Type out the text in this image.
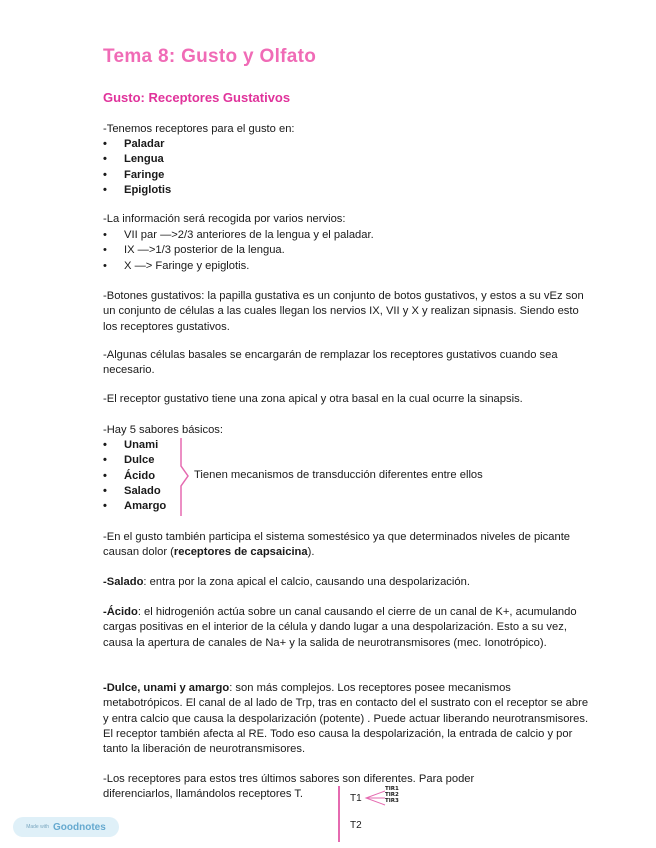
Tema 8: Gusto y Olfato
Gusto: Receptores Gustativos

-Tenemos receptores para el gusto en:

• Paladar
• Lengua
• Faringe
• Epiglotis

-La información será recogida por varios nervios:

• VII par —>2/3 anteriores de la lengua y el paladar.
• IX —>1/3 posterior de la lengua.
• X —> Faringe y epiglotis.

-Botones gustativos: la papilla gustativa es un conjunto de botos gustativos, y estos a su vEz son un conjunto de células a las cuales llegan los nervios IX, VII y X y realizan sipnasis. Siendo esto los receptores gustativos.

-Algunas células basales se encargarán de remplazar los receptores gustativos cuando sea necesario.

-El receptor gustativo tiene una zona apical y otra basal en la cual ocurre la sinapsis.

-Hay 5 sabores básicos:

• Unami
• Dulce
• Ácido
• Salado
• Amargo
Tienen mecanismos de transducción diferentes entre ellos

-En el gusto también participa el sistema somestésico ya que determinados niveles de picante causan dolor (receptores de capsaicina).

-Salado: entra por la zona apical el calcio, causando una despolarización.

-Ácido: el hidrogenión actúa sobre un canal causando el cierre de un canal de K+, acumulando cargas positivas en el interior de la célula y dando lugar a una despolarización. Esto a su vez, causa la apertura de canales de Na+ y la salida de neurotransmisores (mec. Ionotrópico).

-Dulce, unami y amargo: son más complejos. Los receptores posee mecanismos metabotrópicos. El canal de al lado de Trp, tras en contacto del el sustrato con el receptor se abre y entra calcio que causa la despolarización (potente) . Puede actuar liberando neurotransmisores. El receptor también afecta al RE. Todo eso causa la despolarización, la entrada de calcio y por tanto la liberación de neurotransmisores.

-Los receptores para estos tres últimos sabores son diferentes. Para poder diferenciarlos, llamándolos receptores T.	T1
TIR1
TIR2
TIR3
T2
Made with Goodnotes
